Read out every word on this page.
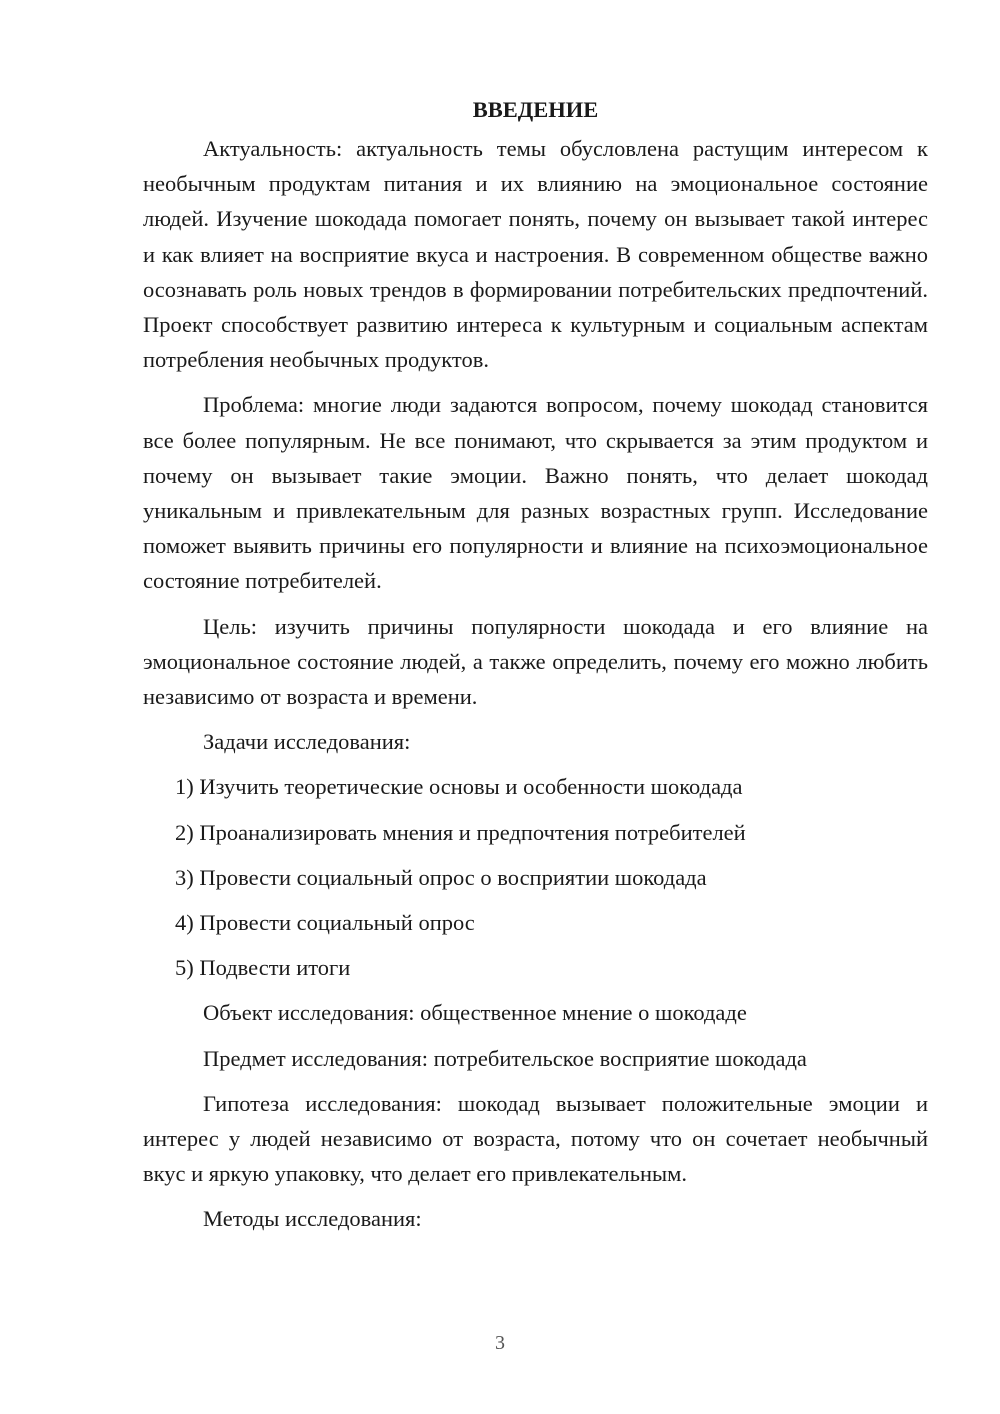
ВВЕДЕНИЕ

Актуальность: актуальность темы обусловлена растущим интересом к необычным продуктам питания и их влиянию на эмоциональное состояние людей. Изучение шокодада помогает понять, почему он вызывает такой интерес и как влияет на восприятие вкуса и настроения. В современном обществе важно осознавать роль новых трендов в формировании потребительских предпочтений. Проект способствует развитию интереса к культурным и социальным аспектам потребления необычных продуктов.

Проблема: многие люди задаются вопросом, почему шокодад становится все более популярным. Не все понимают, что скрывается за этим продуктом и почему он вызывает такие эмоции. Важно понять, что делает шокодад уникальным и привлекательным для разных возрастных групп. Исследование поможет выявить причины его популярности и влияние на психоэмоциональное состояние потребителей.

Цель: изучить причины популярности шокодада и его влияние на эмоциональное состояние людей, а также определить, почему его можно любить независимо от возраста и времени.

Задачи исследования:

1) Изучить теоретические основы и особенности шокодада
2) Проанализировать мнения и предпочтения потребителей
3) Провести социальный опрос о восприятии шокодада
4) Провести социальный опрос
5) Подвести итоги

Объект исследования: общественное мнение о шокодаде

Предмет исследования: потребительское восприятие шокодада

Гипотеза исследования: шокодад вызывает положительные эмоции и интерес у людей независимо от возраста, потому что он сочетает необычный вкус и яркую упаковку, что делает его привлекательным.

Методы исследования:

3
